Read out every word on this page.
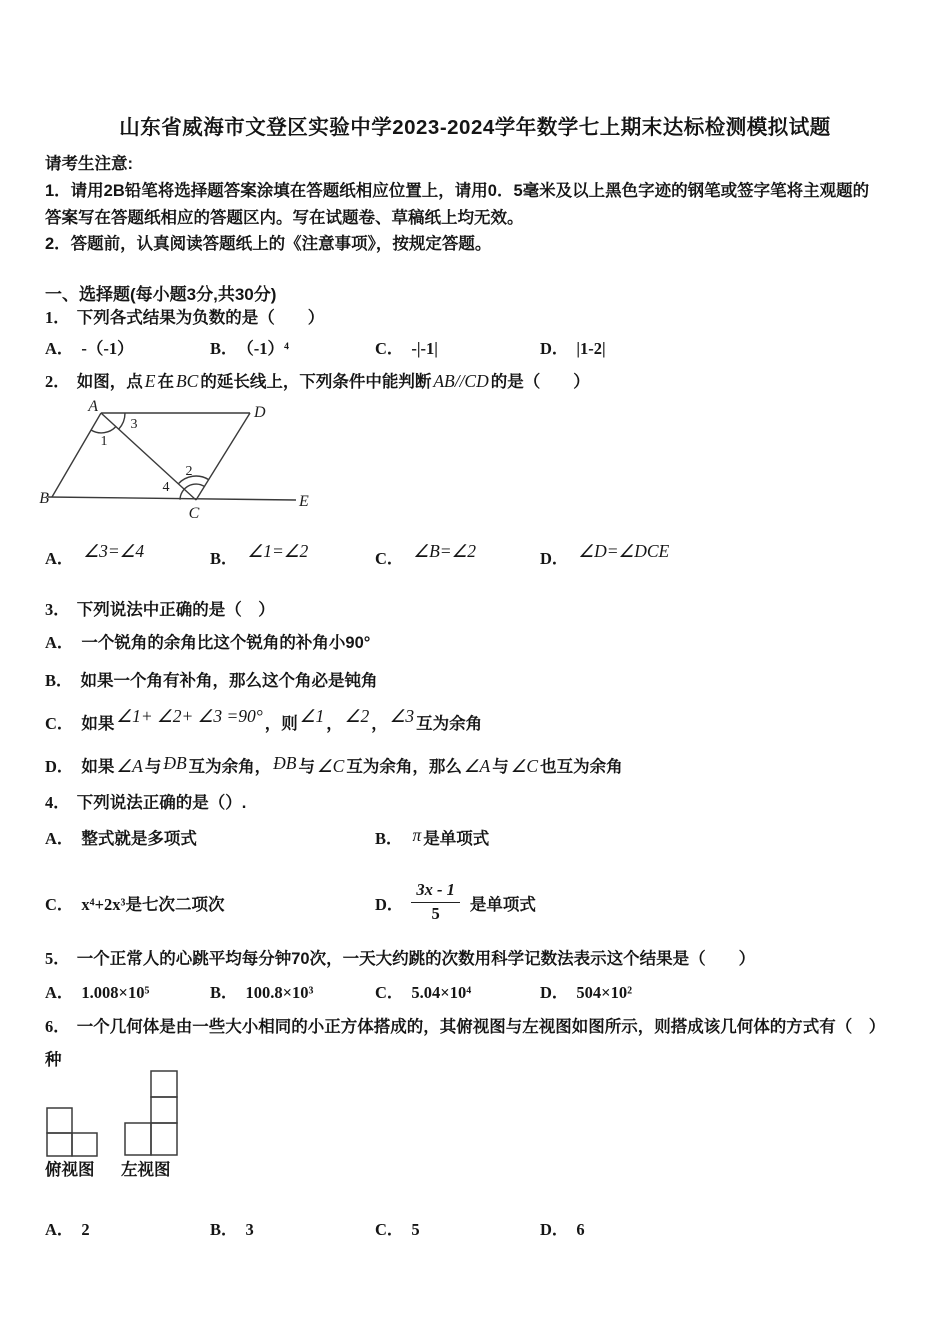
山东省威海市文登区实验中学2023-2024学年数学七上期末达标检测模拟试题
请考生注意:
1．请用2B铅笔将选择题答案涂填在答题纸相应位置上，请用0．5毫米及以上黑色字迹的钢笔或签字笔将主观题的
答案写在答题纸相应的答题区内。写在试题卷、草稿纸上均无效。
2．答题前，认真阅读答题纸上的《注意事项》，按规定答题。
一、选择题(每小题3分,共30分)
1． 下列各式结果为负数的是（　　）
A． -（-1）	B． （-1）⁴	C． -|-1|	D． |1-2|
2． 如图，点 E 在 BC 的延长线上，下列条件中能判断 AB//CD 的是（　　）
A
B
C
D
E
1
2
3
4
A． ∠3=∠4	B． ∠1=∠2	C． ∠B=∠2	D． ∠D=∠DCE
3． 下列说法中正确的是（　）
A． 一个锐角的余角比这个锐角的补角小90°
B． 如果一个角有补角，那么这个角必是钝角
C． 如果 ∠1+ ∠2+ ∠3 =90° ，则 ∠1 ， ∠2 ， ∠3 互为余角
D． 如果 ∠A 与 ÐB 互为余角， ÐB 与 ∠C 互为余角，那么 ∠A 与 ∠C 也互为余角
4． 下列说法正确的是（）.
A． 整式就是多项式	B． π 是单项式
C． x⁴+2x³是七次二项次	D． $\frac{3x - 1}{5}$ 是单项式
5． 一个正常人的心跳平均每分钟70次，一天大约跳的次数用科学记数法表示这个结果是（　　）
A． 1.008×10⁵	B． 100.8×10³	C． 5.04×10⁴	D． 504×10²
6． 一个几何体是由一些大小相同的小正方体搭成的，其俯视图与左视图如图所示，则搭成该几何体的方式有（　）
种
俯视图 左视图
A． 2	B． 3	C． 5	D． 6
